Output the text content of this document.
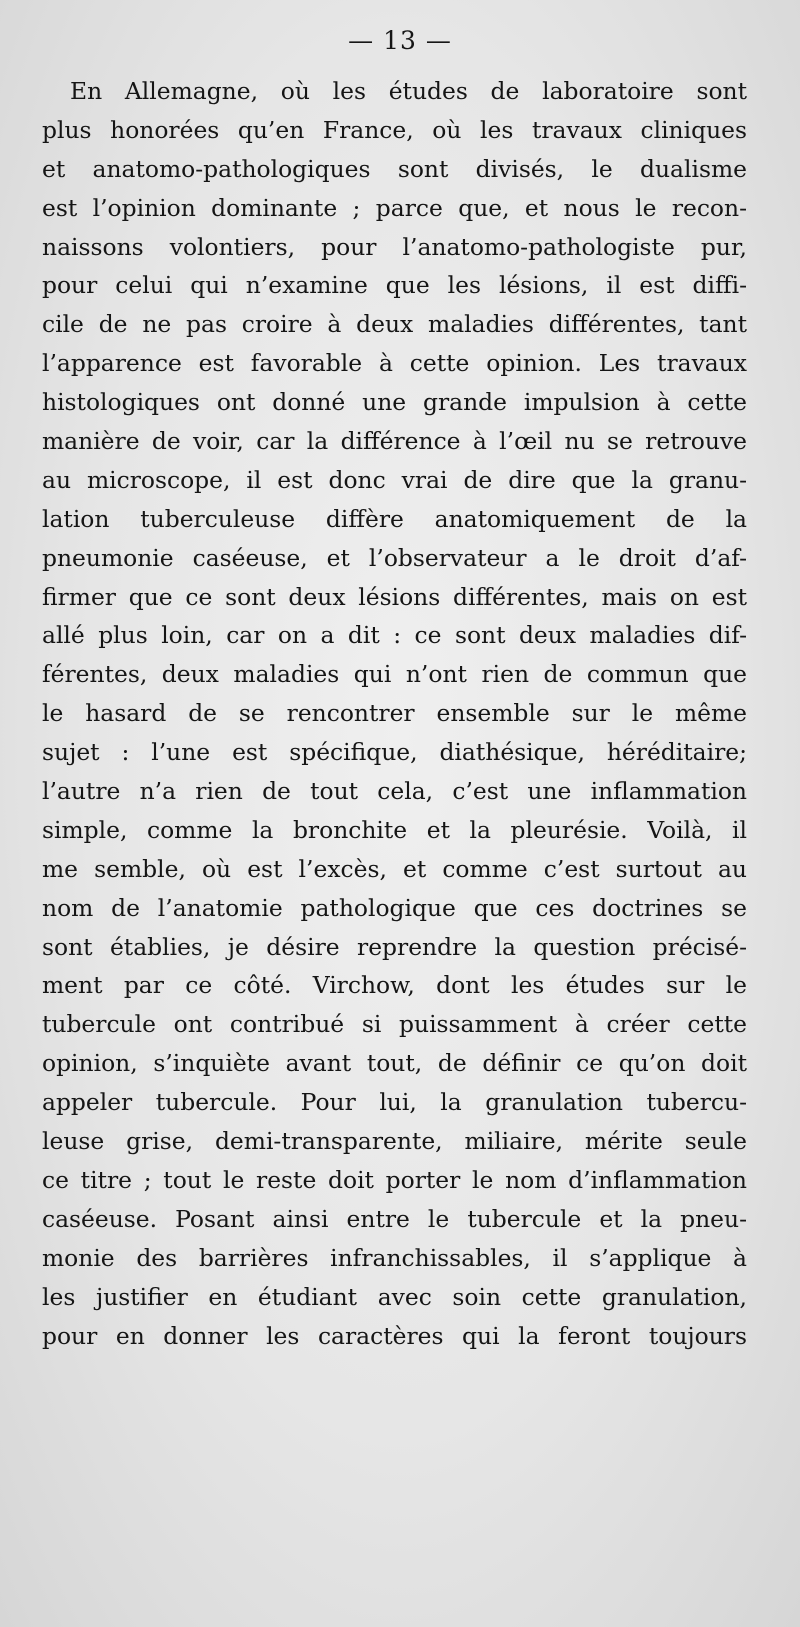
— 13 —
En Allemagne, où les études de laboratoire sont
plus honorées qu’en France, où les travaux cliniques
et anatomo-pathologiques sont divisés, le dualisme
est l’opinion dominante ; parce que, et nous le recon-
naissons volontiers, pour l’anatomo-pathologiste pur,
pour celui qui n’examine que les lésions, il est diffi-
cile de ne pas croire à deux maladies différentes, tant
l’apparence est favorable à cette opinion. Les travaux
histologiques ont donné une grande impulsion à cette
manière de voir, car la différence à l’œil nu se retrouve
au microscope, il est donc vrai de dire que la granu-
lation tuberculeuse diffère anatomiquement de la
pneumonie caséeuse, et l’observateur a le droit d’af-
firmer que ce sont deux lésions différentes, mais on est
allé plus loin, car on a dit : ce sont deux maladies dif-
férentes, deux maladies qui n’ont rien de commun que
le hasard de se rencontrer ensemble sur le même
sujet : l’une est spécifique, diathésique, héréditaire;
l’autre n’a rien de tout cela, c’est une inflammation
simple, comme la bronchite et la pleurésie. Voilà, il
me semble, où est l’excès, et comme c’est surtout au
nom de l’anatomie pathologique que ces doctrines se
sont établies, je désire reprendre la question précisé-
ment par ce côté. Virchow, dont les études sur le
tubercule ont contribué si puissamment à créer cette
opinion, s’inquiète avant tout, de définir ce qu’on doit
appeler tubercule. Pour lui, la granulation tubercu-
leuse grise, demi-transparente, miliaire, mérite seule
ce titre ; tout le reste doit porter le nom d’inflammation
caséeuse. Posant ainsi entre le tubercule et la pneu-
monie des barrières infranchissables, il s’applique à
les justifier en étudiant avec soin cette granulation,
pour en donner les caractères qui la feront toujours
